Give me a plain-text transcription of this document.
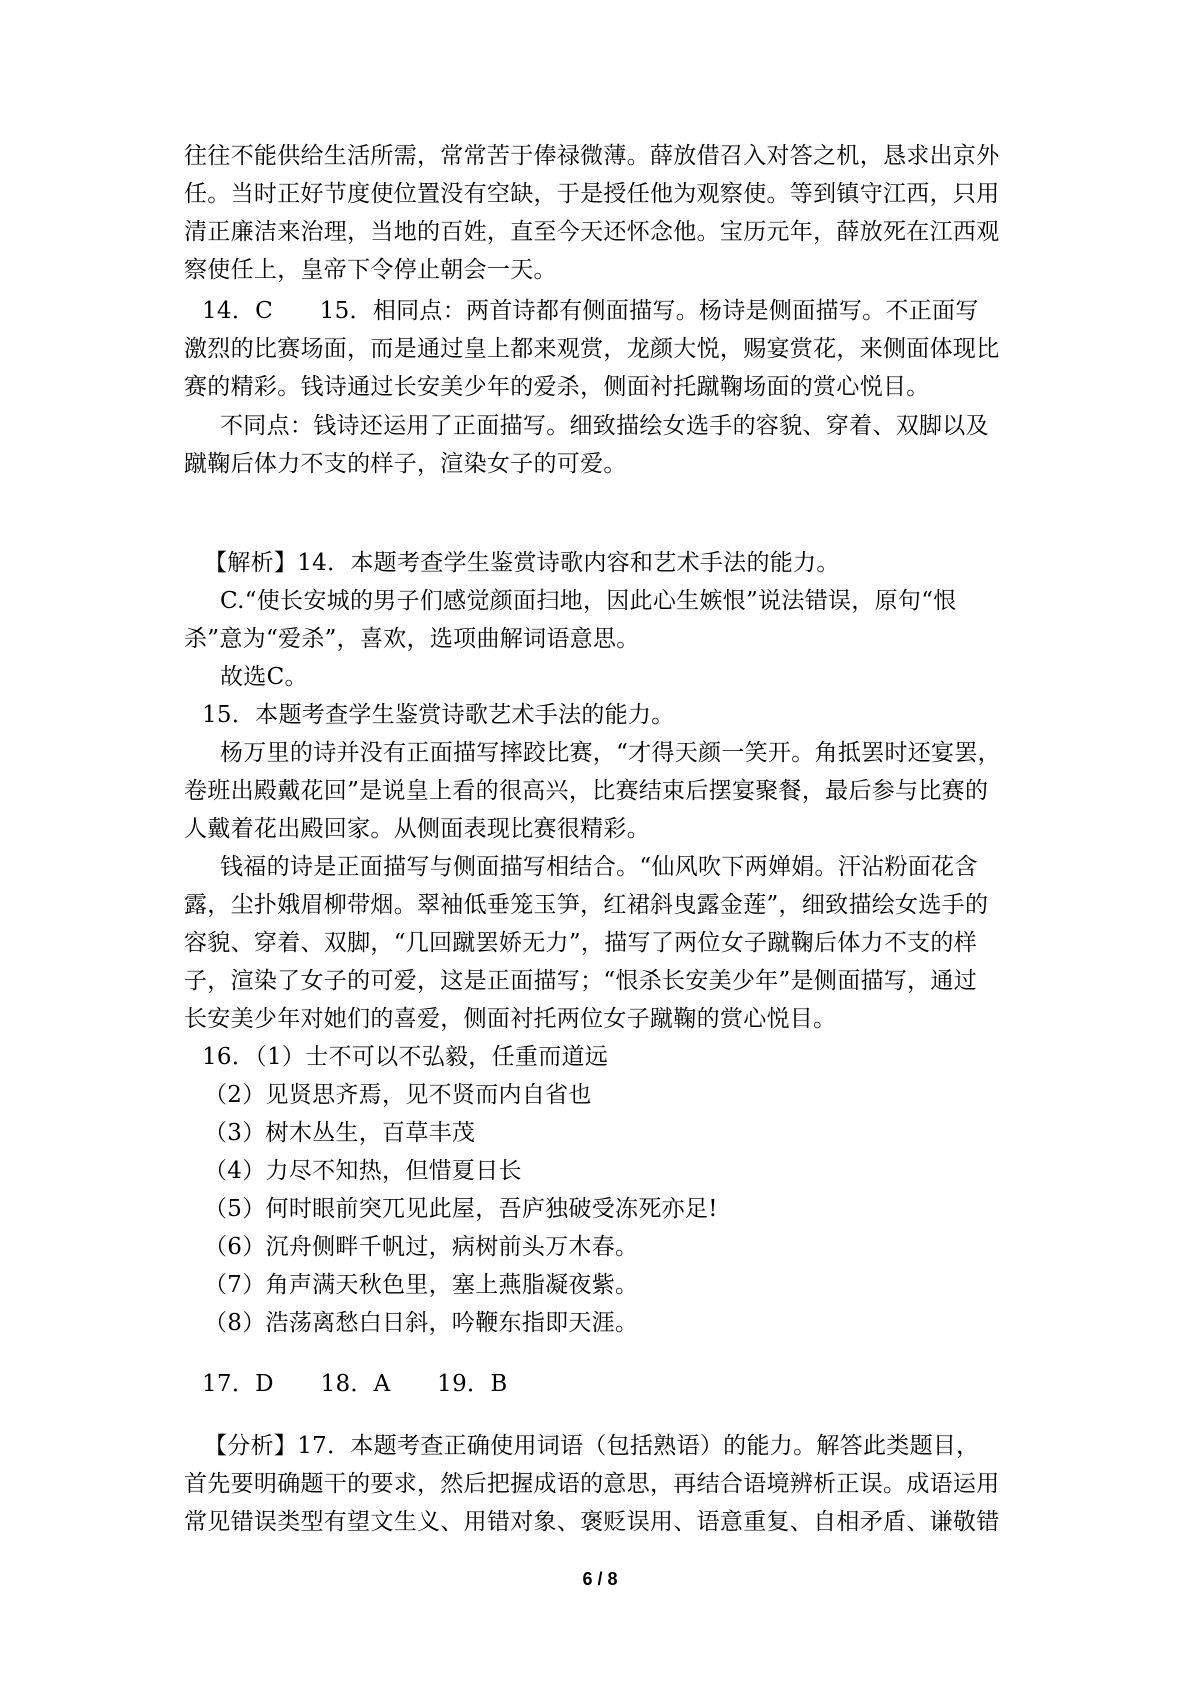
往往不能供给生活所需，常常苦于俸禄微薄。薛放借召入对答之机，恳求出京外
任。当时正好节度使位置没有空缺，于是授任他为观察使。等到镇守江西，只用
清正廉洁来治理，当地的百姓，直至今天还怀念他。宝历元年，薛放死在江西观
察使任上，皇帝下令停止朝会一天。
14．C　　15．相同点：两首诗都有侧面描写。杨诗是侧面描写。不正面写
激烈的比赛场面，而是通过皇上都来观赏，龙颜大悦，赐宴赏花，来侧面体现比
赛的精彩。钱诗通过长安美少年的爱杀，侧面衬托蹴鞠场面的赏心悦目。
不同点：钱诗还运用了正面描写。细致描绘女选手的容貌、穿着、双脚以及
蹴鞠后体力不支的样子，渲染女子的可爱。
【解析】14．本题考查学生鉴赏诗歌内容和艺术手法的能力。
C.“使长安城的男子们感觉颜面扫地，因此心生嫉恨”说法错误，原句“恨
杀”意为“爱杀”，喜欢，选项曲解词语意思。
故选C。
15．本题考查学生鉴赏诗歌艺术手法的能力。
杨万里的诗并没有正面描写摔跤比赛，“才得天颜一笑开。角抵罢时还宴罢，
卷班出殿戴花回”是说皇上看的很高兴，比赛结束后摆宴聚餐，最后参与比赛的
人戴着花出殿回家。从侧面表现比赛很精彩。
钱福的诗是正面描写与侧面描写相结合。“仙风吹下两婵娟。汗沾粉面花含
露，尘扑娥眉柳带烟。翠袖低垂笼玉笋，红裙斜曳露金莲”，细致描绘女选手的
容貌、穿着、双脚，“几回蹴罢娇无力”，描写了两位女子蹴鞠后体力不支的样
子，渲染了女子的可爱，这是正面描写；“恨杀长安美少年”是侧面描写，通过
长安美少年对她们的喜爱，侧面衬托两位女子蹴鞠的赏心悦目。
16．（1）士不可以不弘毅，任重而道远
（2）见贤思齐焉，见不贤而内自省也
（3）树木丛生，百草丰茂
（4）力尽不知热，但惜夏日长
（5）何时眼前突兀见此屋，吾庐独破受冻死亦足!
（6）沉舟侧畔千帆过，病树前头万木春。
（7）角声满天秋色里，塞上燕脂凝夜紫。
（8）浩荡离愁白日斜，吟鞭东指即天涯。
17．D　　18．A　　19．B
【分析】17．本题考查正确使用词语（包括熟语）的能力。解答此类题目，
首先要明确题干的要求，然后把握成语的意思，再结合语境辨析正误。成语运用
常见错误类型有望文生义、用错对象、褒贬误用、语意重复、自相矛盾、谦敬错
6 / 8
